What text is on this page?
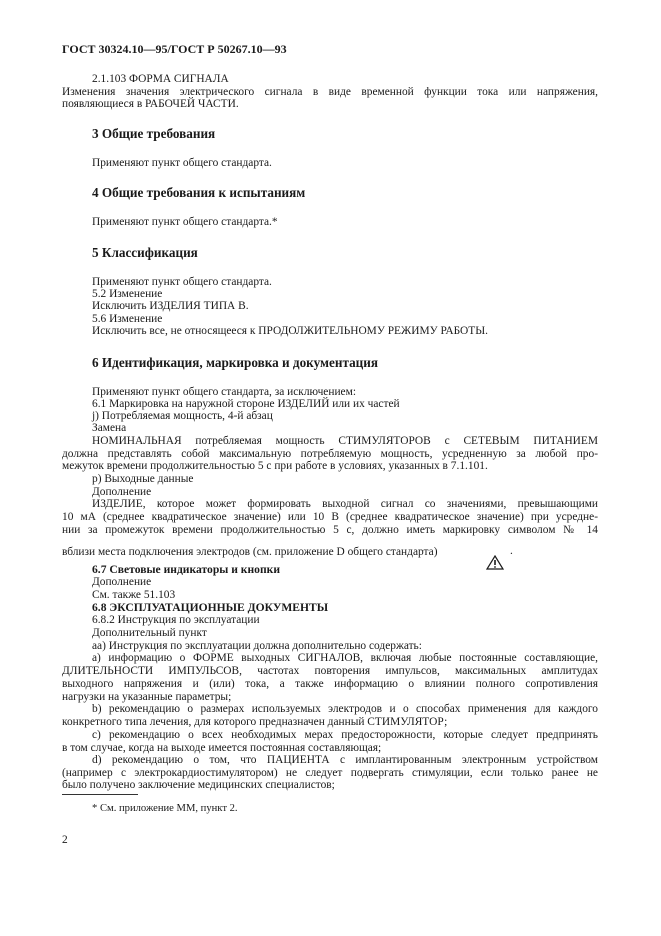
ГОСТ 30324.10—95/ГОСТ Р 50267.10—93
2.1.103 ФОРМА СИГНАЛА
Изменения значения электрического сигнала в виде временной функции тока или напряжения,
появляющиеся в РАБОЧЕЙ ЧАСТИ.
3 Общие требования
Применяют пункт общего стандарта.
4 Общие требования к испытаниям
Применяют пункт общего стандарта.*
5 Классификация
Применяют пункт общего стандарта.
5.2 Изменение
Исключить ИЗДЕЛИЯ ТИПА В.
5.6 Изменение
Исключить все, не относящееся к ПРОДОЛЖИТЕЛЬНОМУ РЕЖИМУ РАБОТЫ.
6 Идентификация, маркировка и документация
Применяют пункт общего стандарта, за исключением:
6.1 Маркировка на наружной стороне ИЗДЕЛИЙ или их частей
j) Потребляемая мощность, 4-й абзац
Замена
НОМИНАЛЬНАЯ потребляемая мощность СТИМУЛЯТОРОВ с СЕТЕВЫМ ПИТАНИЕМ
должна представлять собой максимальную потребляемую мощность, усредненную за любой про-
межуток времени продолжительностью 5 с при работе в условиях, указанных в 7.1.101.
p) Выходные данные
Дополнение
ИЗДЕЛИЕ, которое может формировать выходной сигнал со значениями, превышающими
10 мА (среднее квадратическое значение) или 10 В (среднее квадратическое значение) при усредне-
нии за промежуток времени продолжительностью 5 с, должно иметь маркировку символом № 14
вблизи места подключения электродов (см. приложение D общего стандарта)	.
6.7 Световые индикаторы и кнопки
Дополнение
См. также 51.103
6.8 ЭКСПЛУАТАЦИОННЫЕ ДОКУМЕНТЫ
6.8.2 Инструкция по эксплуатации
Дополнительный пункт
аа) Инструкция по эксплуатации должна дополнительно содержать:
a) информацию о ФОРМЕ выходных СИГНАЛОВ, включая любые постоянные составляющие,
ДЛИТЕЛЬНОСТИ ИМПУЛЬСОВ, частотах повторения импульсов, максимальных амплитудах
выходного напряжения и (или) тока, а также информацию о влиянии полного сопротивления
нагрузки на указанные параметры;
b) рекомендацию о размерах используемых электродов и о способах применения для каждого
конкретного типа лечения, для которого предназначен данный СТИМУЛЯТОР;
c) рекомендацию о всех необходимых мерах предосторожности, которые следует предпринять
в том случае, когда на выходе имеется постоянная составляющая;
d) рекомендацию о том, что ПАЦИЕНТА с имплантированным электронным устройством
(например с электрокардиостимулятором) не следует подвергать стимуляции, если только ранее не
было получено заключение медицинских специалистов;
* См. приложение ММ, пункт 2.
2
